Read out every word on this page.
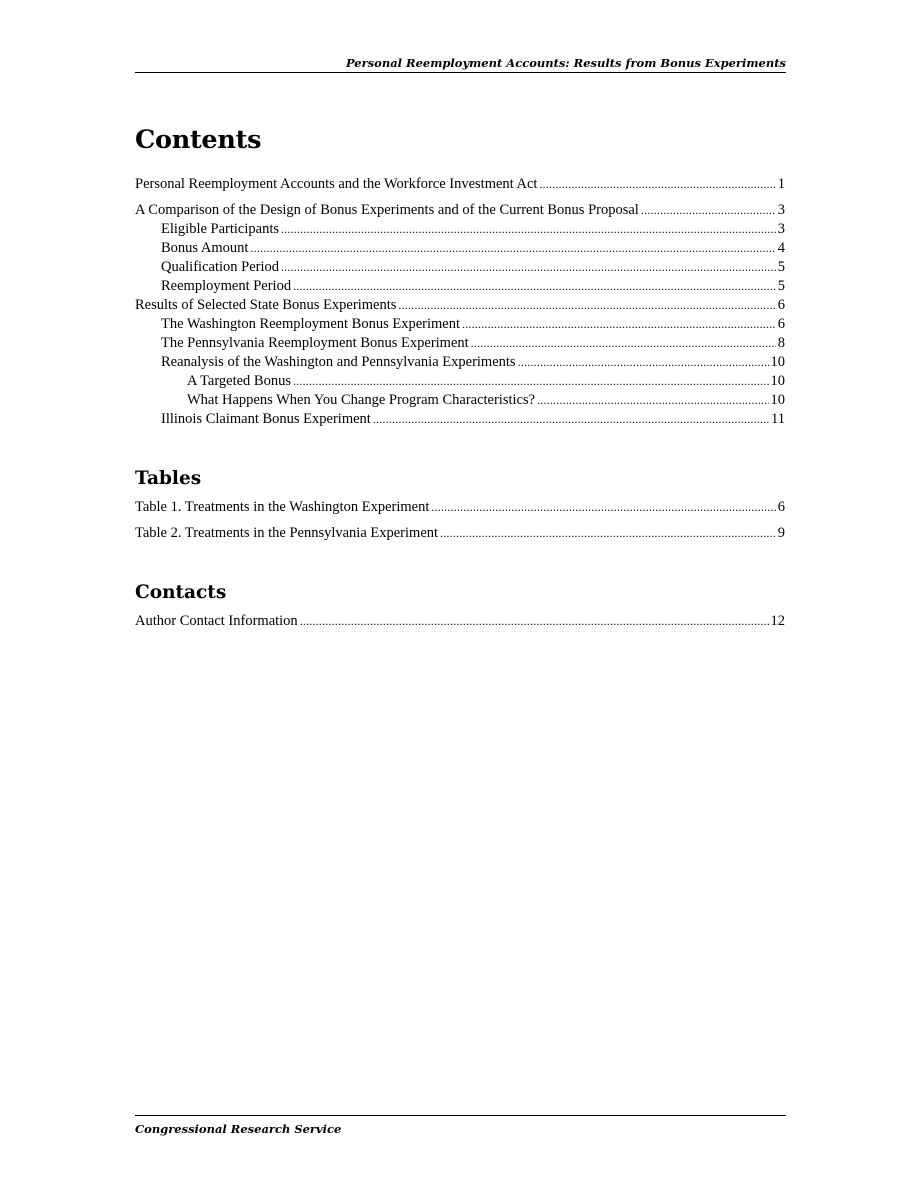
Personal Reemployment Accounts: Results from Bonus Experiments
Contents
Personal Reemployment Accounts and the Workforce Investment Act .....	1
A Comparison of the Design of Bonus Experiments and of the Current Bonus Proposal .....	3
Eligible Participants .....	3
Bonus Amount .....	4
Qualification Period .....	5
Reemployment Period .....	5
Results of Selected State Bonus Experiments .....	6
The Washington Reemployment Bonus Experiment .....	6
The Pennsylvania Reemployment Bonus Experiment .....	8
Reanalysis of the Washington and Pennsylvania Experiments .....	10
A Targeted Bonus .....	10
What Happens When You Change Program Characteristics? .....	10
Illinois Claimant Bonus Experiment .....	11
Tables
Table 1. Treatments in the Washington Experiment .....	6
Table 2. Treatments in the Pennsylvania Experiment .....	9
Contacts
Author Contact Information .....	12
Congressional Research Service
